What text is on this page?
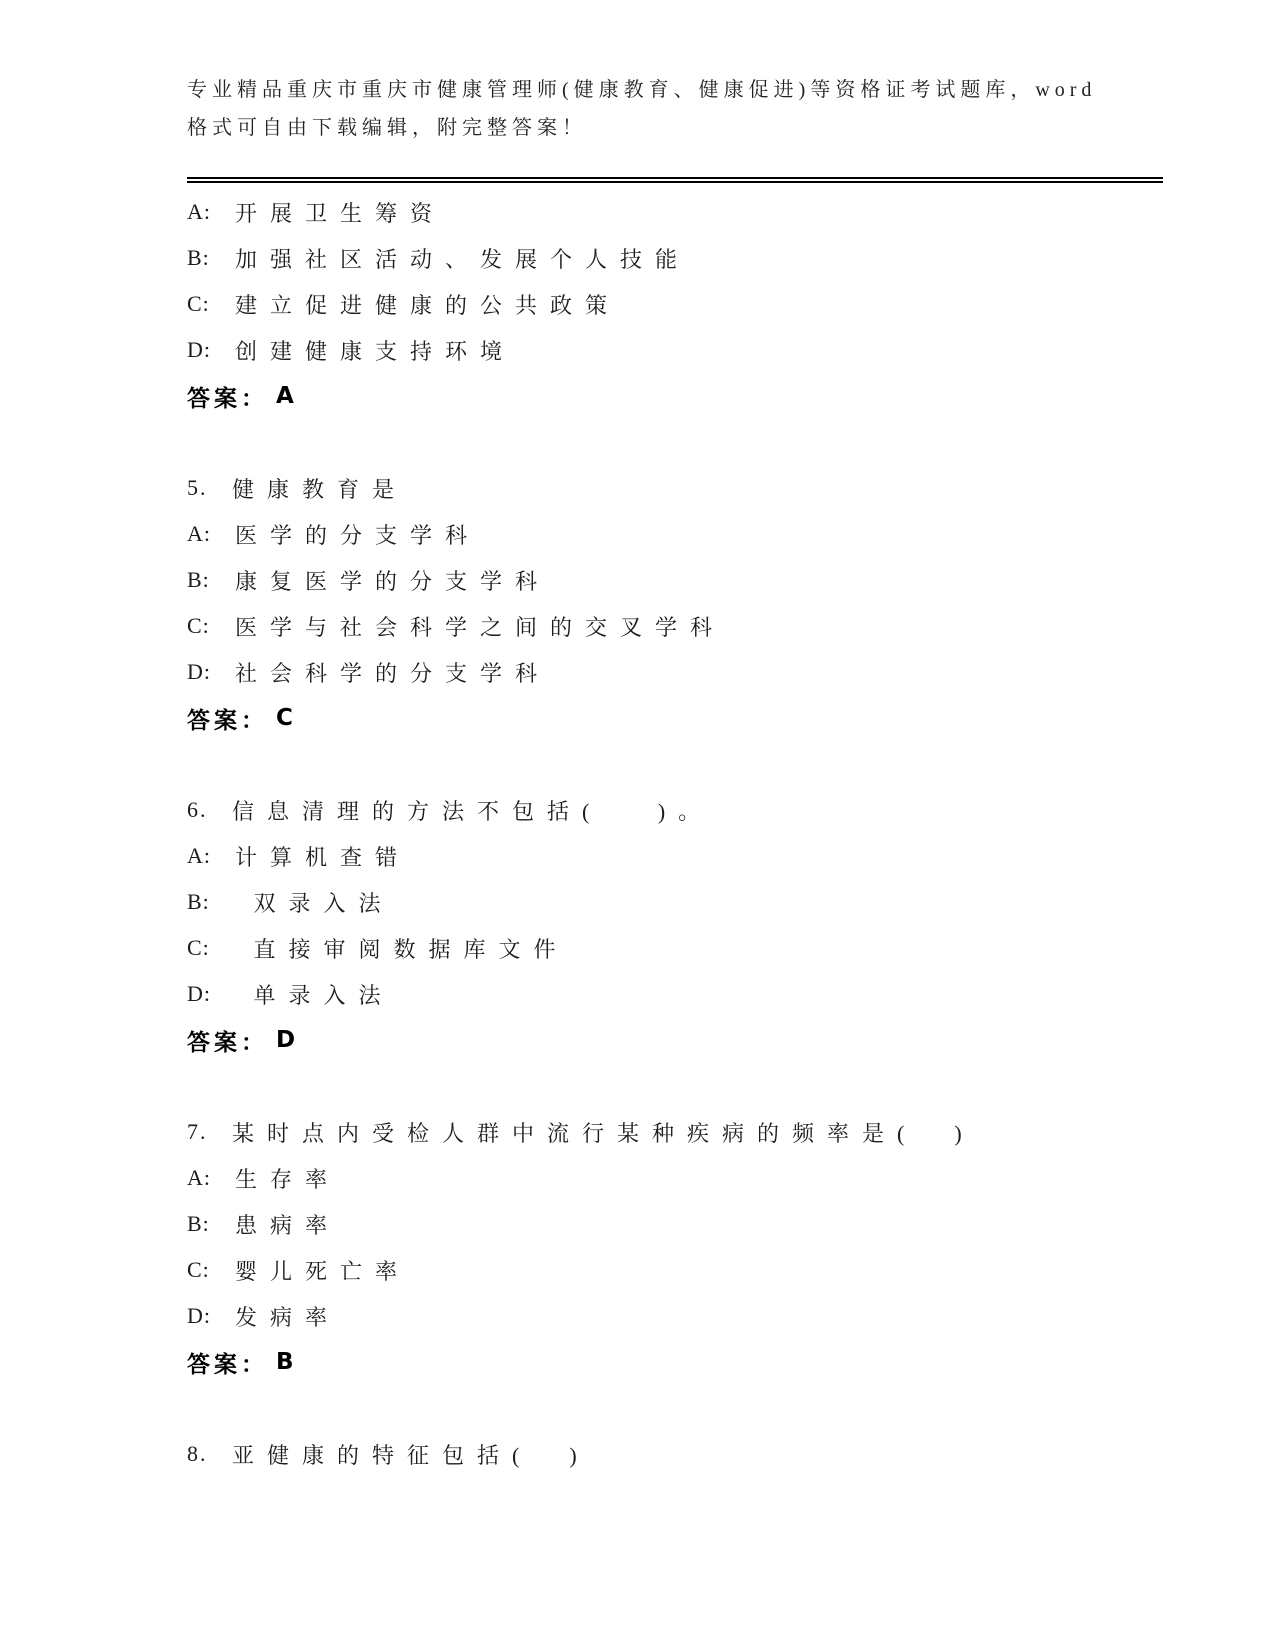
专业精品重庆市重庆市健康管理师(健康教育、健康促进)等资格证考试题库，word
格式可自由下载编辑，附完整答案！
A:	开展卫生筹资
B:	加强社区活动、发展个人技能
C:	建立促进健康的公共政策
D:	创建健康支持环境
答案： A
5.	健康教育是
A:	医学的分支学科
B:	康复医学的分支学科
C:	医学与社会科学之间的交叉学科
D:	社会科学的分支学科
答案： C
6.	信息清理的方法不包括(   )。
A:	计算机查错
B:	双录入法
C:	直接审阅数据库文件
D:	单录入法
答案： D
7.	某时点内受检人群中流行某种疾病的频率是(  )
A:	生存率
B:	患病率
C:	婴儿死亡率
D:	发病率
答案： B
8.	亚健康的特征包括(  )
